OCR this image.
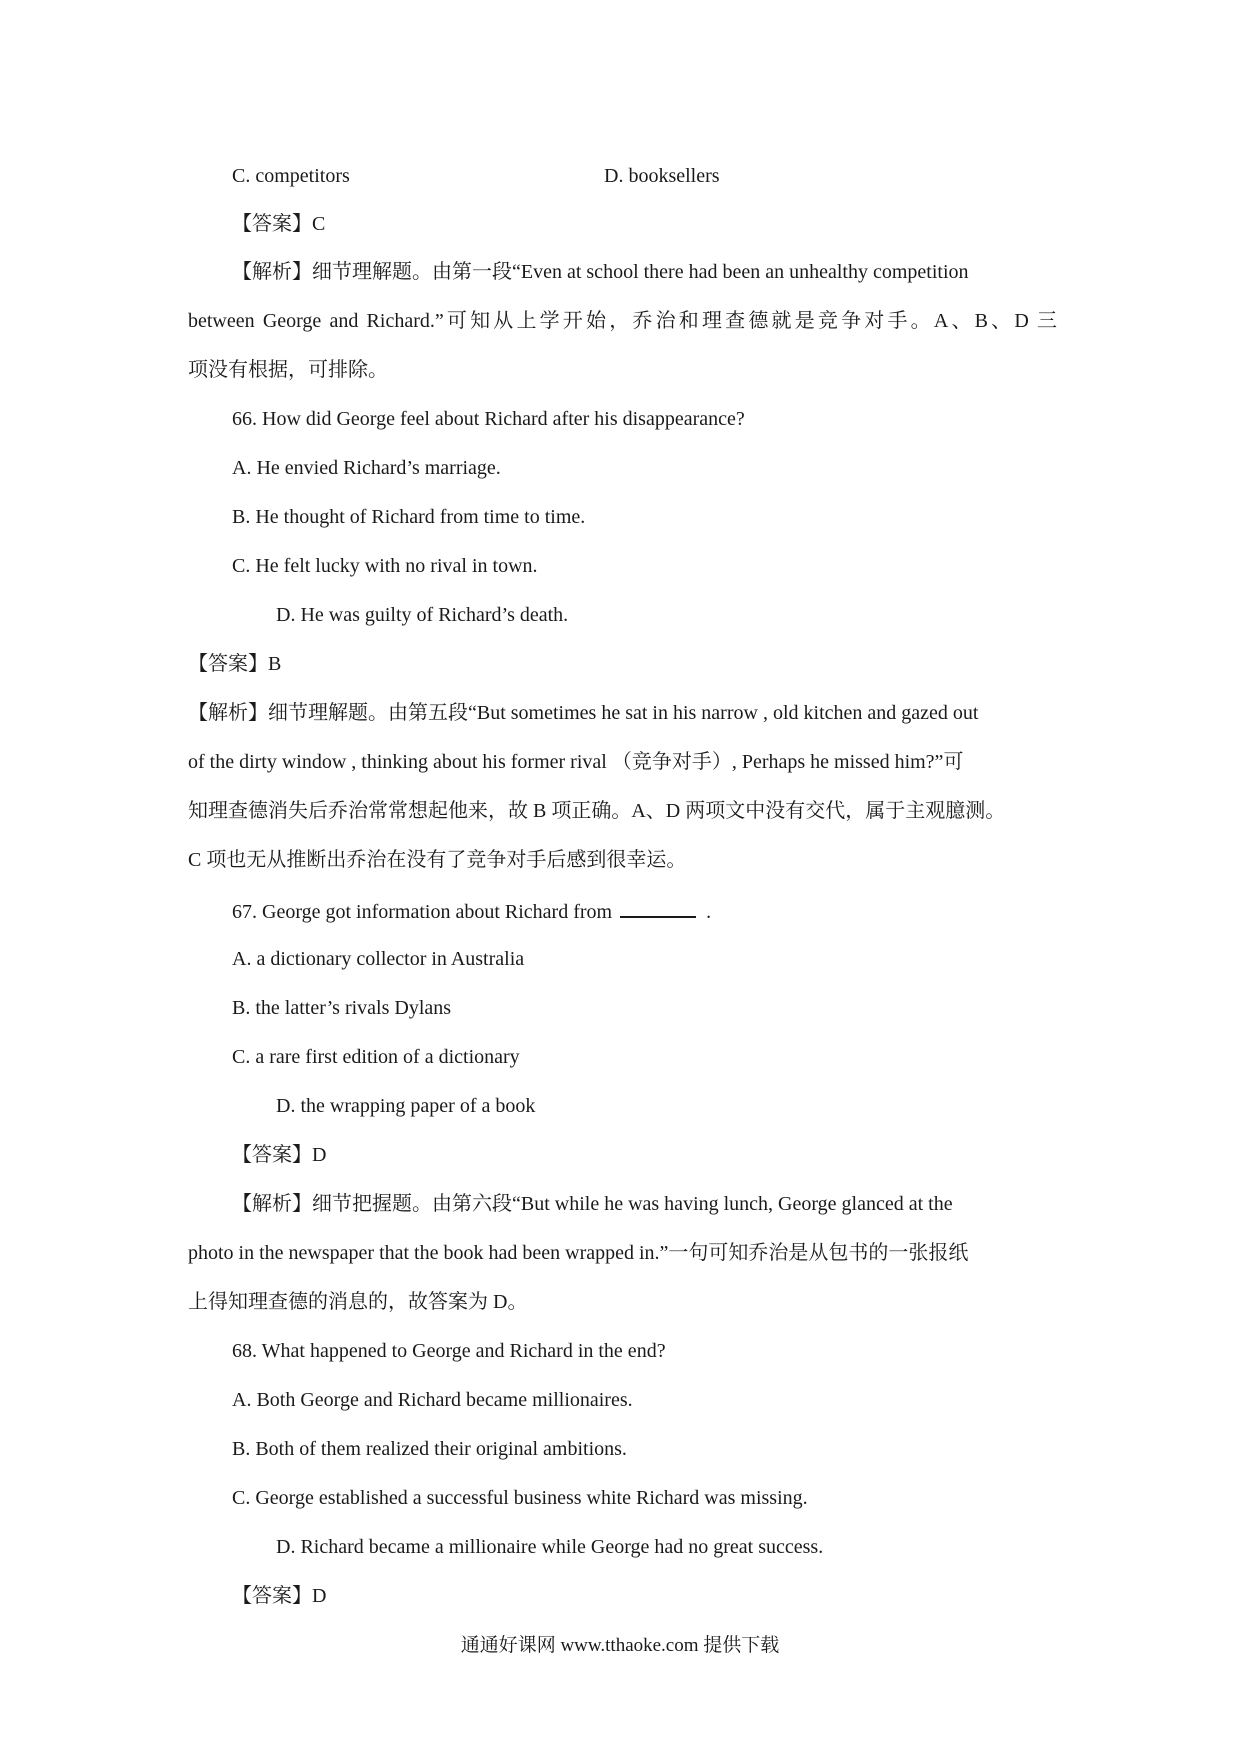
C. competitors	D. booksellers
【答案】C
【解析】细节理解题。由第一段“Even at school there had been an unhealthy competition
between George and Richard.”可知从上学开始，乔治和理查德就是竞争对手。A、B、D 三
项没有根据，可排除。
66. How did George feel about Richard after his disappearance?
A. He envied Richard’s marriage.
B. He thought of Richard from time to time.
C. He felt lucky with no rival in town.
D. He was guilty of Richard’s death.
【答案】B
【解析】细节理解题。由第五段“But sometimes he sat in his narrow , old kitchen and gazed out
of the dirty window , thinking about his former rival （竞争对手）, Perhaps he missed him?”可
知理查德消失后乔治常常想起他来，故 B 项正确。A、D 两项文中没有交代，属于主观臆测。
C 项也无从推断出乔治在没有了竞争对手后感到很幸运。
67. George got information about Richard from	.
A. a dictionary collector in Australia
B. the latter’s rivals Dylans
C. a rare first edition of a dictionary
D. the wrapping paper of a book
【答案】D
【解析】细节把握题。由第六段“But while he was having lunch, George glanced at the
photo in the newspaper that the book had been wrapped in.”一句可知乔治是从包书的一张报纸
上得知理查德的消息的，故答案为 D。
68. What happened to George and Richard in the end?
A. Both George and Richard became millionaires.
B. Both of them realized their original ambitions.
C. George established a successful business white Richard was missing.
D. Richard became a millionaire while George had no great success.
【答案】D
通通好课网 www.tthaoke.com 提供下载
